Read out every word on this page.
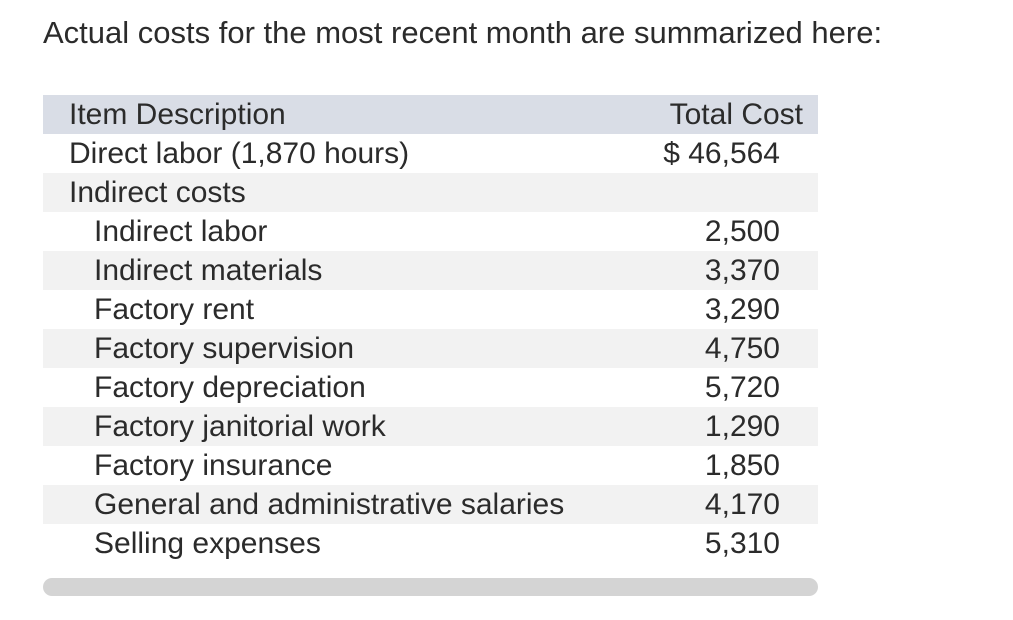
Actual costs for the most recent month are summarized here:
Item Description	Total Cost
Direct labor (1,870 hours)	$ 46,564
Indirect costs
Indirect labor	2,500
Indirect materials	3,370
Factory rent	3,290
Factory supervision	4,750
Factory depreciation	5,720
Factory janitorial work	1,290
Factory insurance	1,850
General and administrative salaries	4,170
Selling expenses	5,310
